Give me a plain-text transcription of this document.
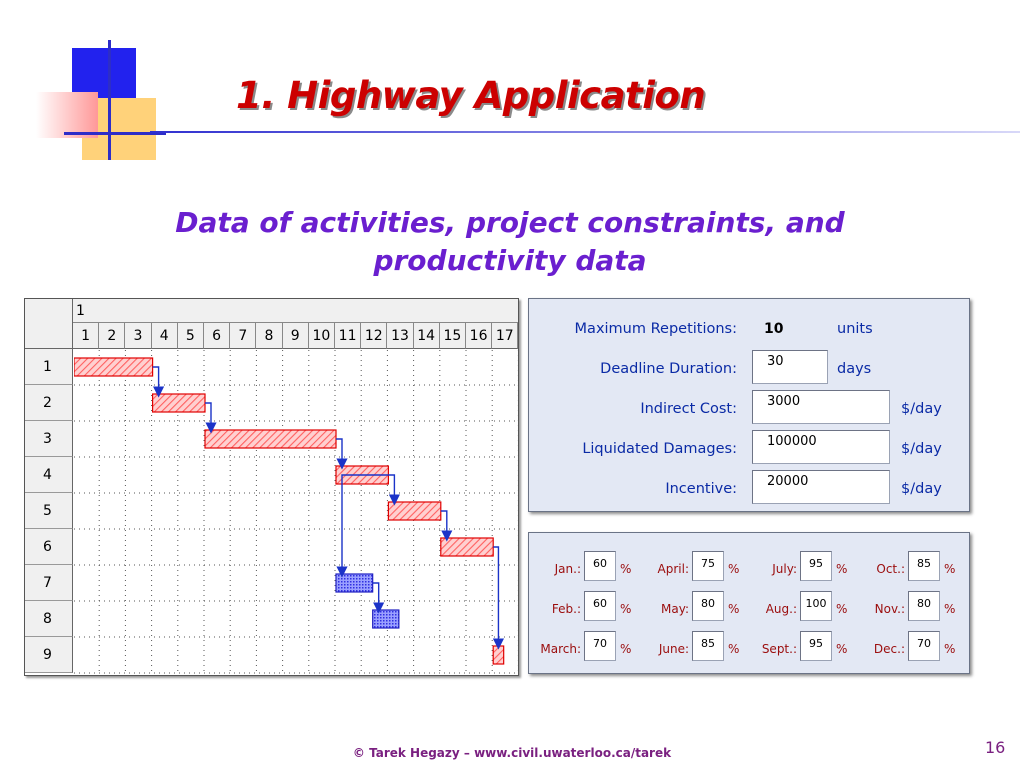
1. Highway Application
Data of activities, project constraints, and
productivity data
1
1	2	3	4	5	6	7	8	9 10 11 12 13 14 15 16 17
1
2
3
4
5
6
7
8
9
Maximum Repetitions: 10	units
Deadline Duration:	30	days
Indirect Cost:	3000	$/day
Liquidated Damages:	100000	$/day
Incentive:	20000	$/day
Jan.:	60	%	April:	75	%	July:	95	%	Oct.:	85	%
Feb.:	60	%	May:	80	%	Aug.: 100 %	Nov.:	80	%
March:	70	%	June:	85	%	Sept.:	95	%	Dec.:	70	%
© Tarek Hegazy – www.civil.uwaterloo.ca/tarek	16
